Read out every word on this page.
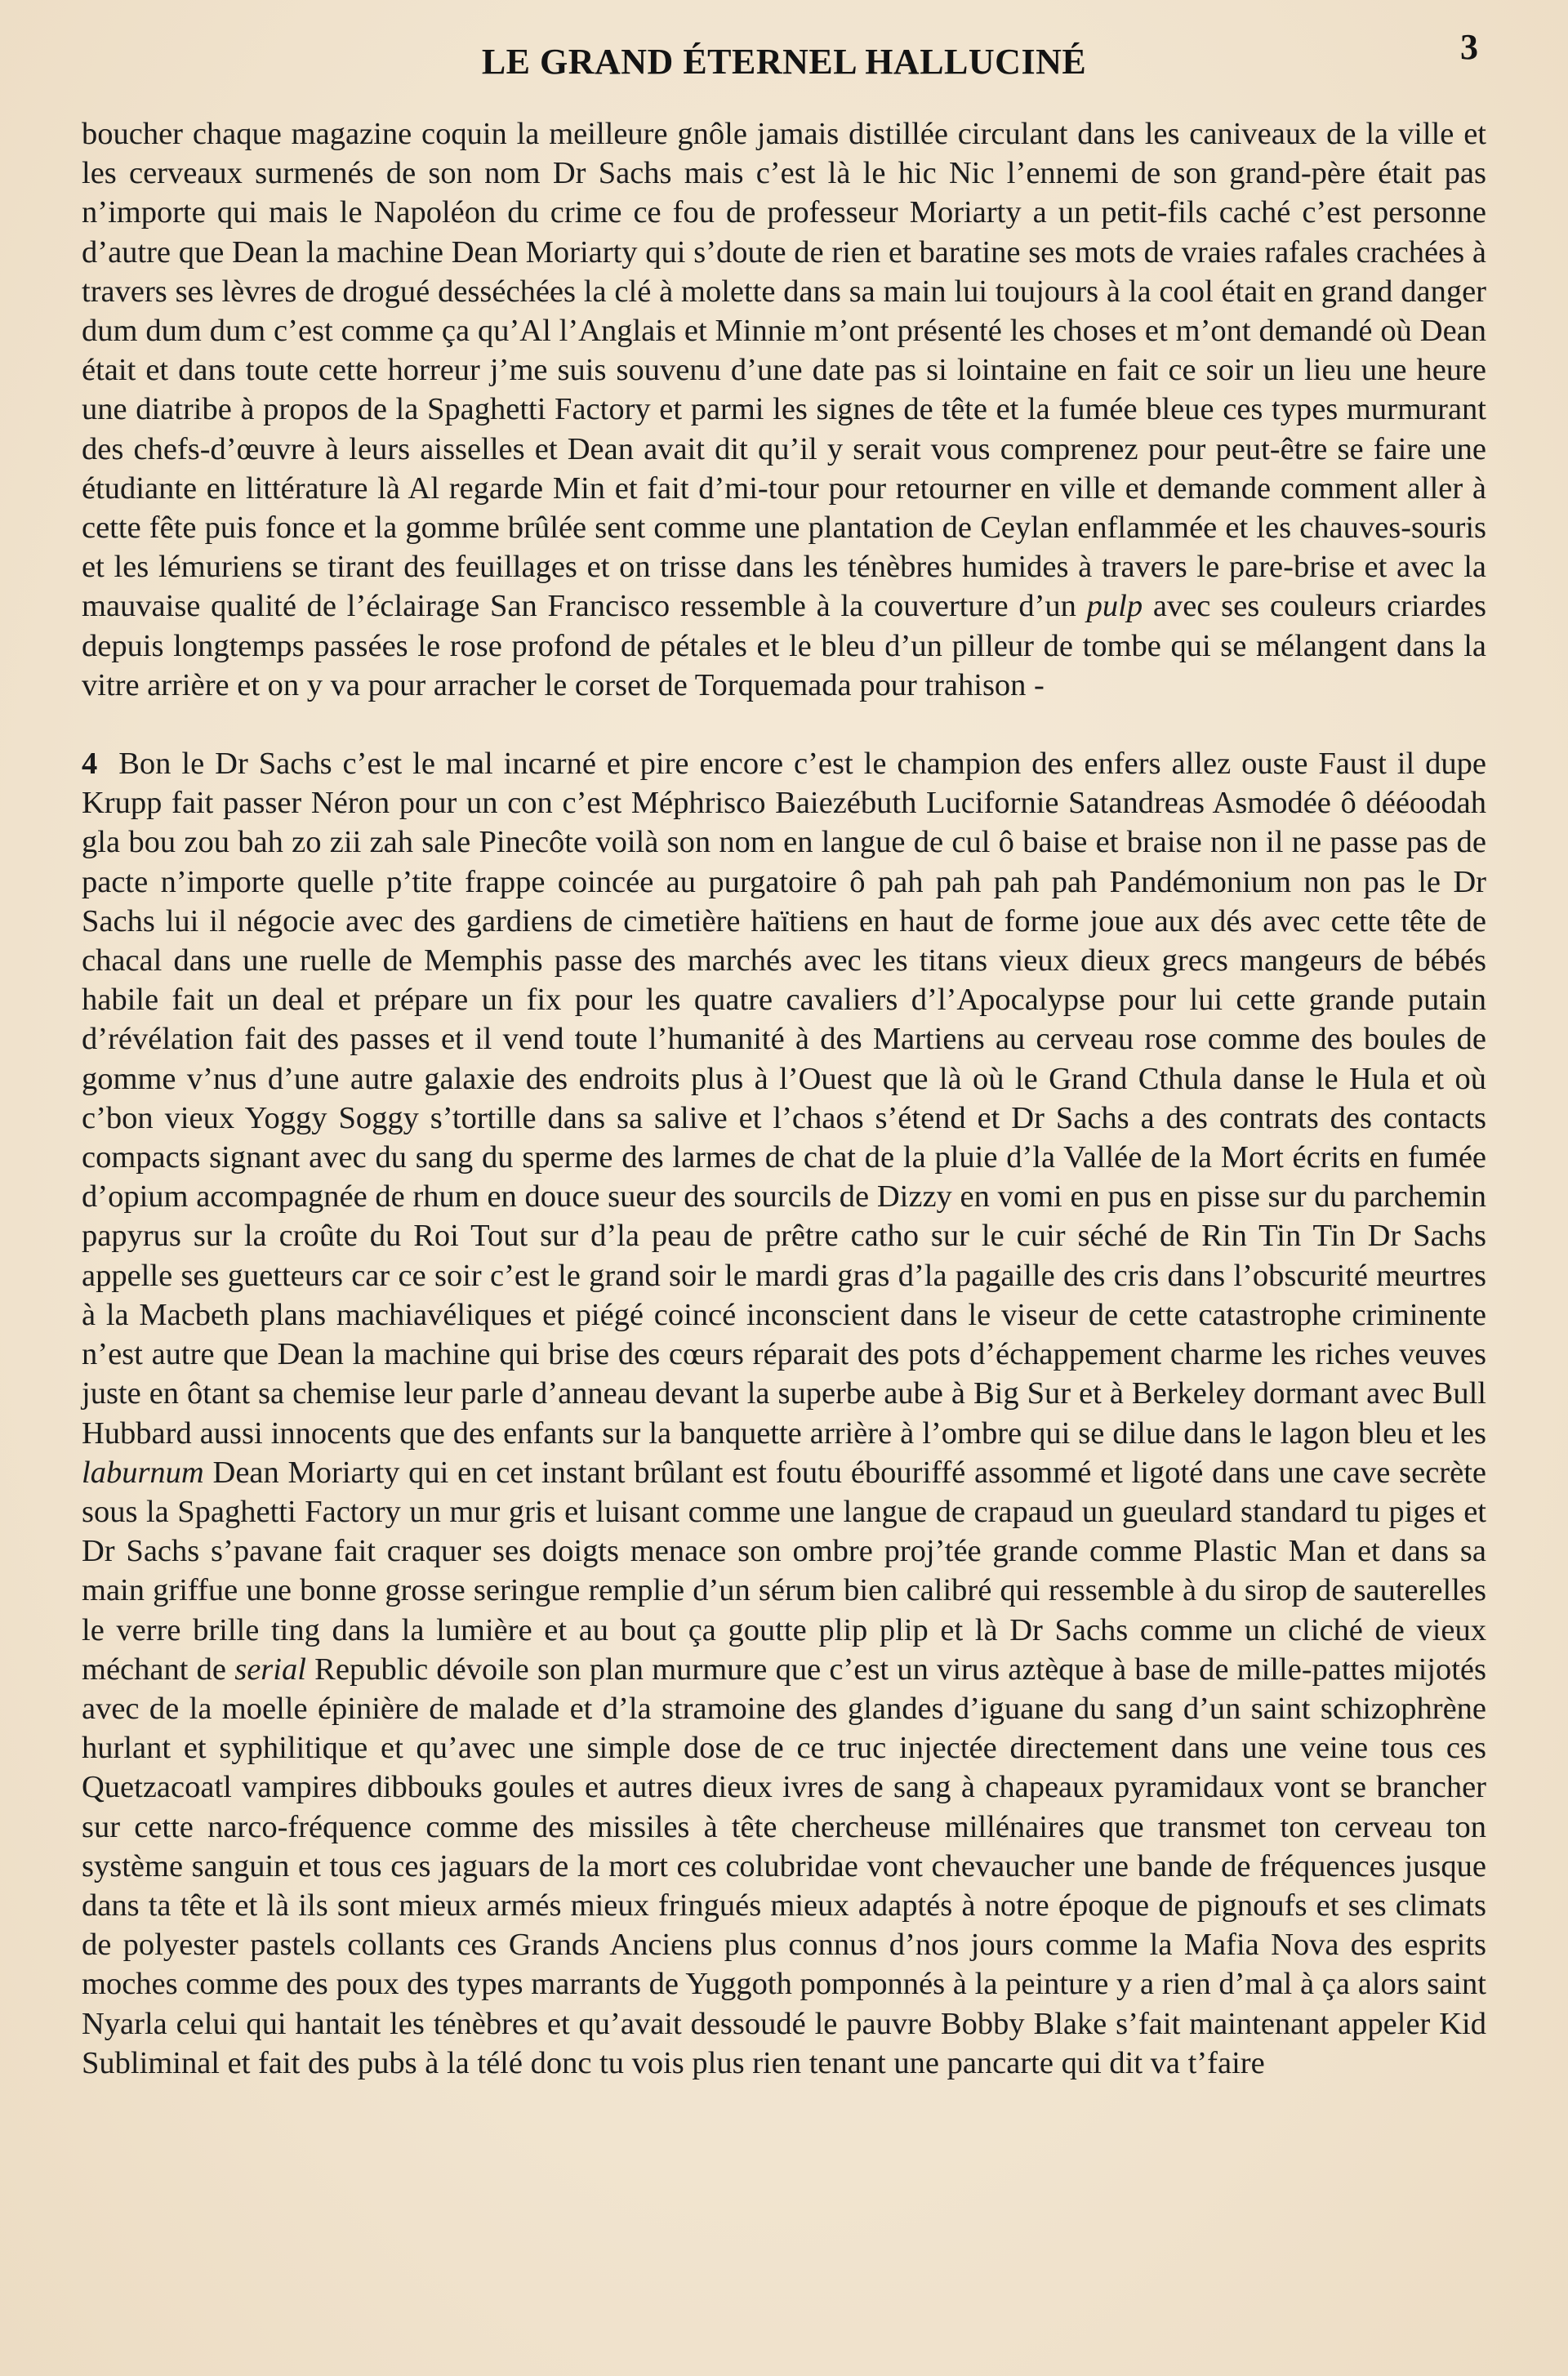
LE GRAND ÉTERNEL HALLUCINÉ	3

boucher chaque magazine coquin la meilleure gnôle jamais distillée circulant dans les caniveaux de la ville et les cerveaux surmenés de son nom Dr Sachs mais c’est là le hic Nic l’ennemi de son grand-père était pas n’importe qui mais le Napoléon du crime ce fou de professeur Moriarty a un petit-fils caché c’est personne d’autre que Dean la machine Dean Moriarty qui s’doute de rien et baratine ses mots de vraies rafales crachées à travers ses lèvres de drogué desséchées la clé à molette dans sa main lui toujours à la cool était en grand danger dum dum dum c’est comme ça qu’Al l’Anglais et Minnie m’ont présenté les choses et m’ont demandé où Dean était et dans toute cette horreur j’me suis souvenu d’une date pas si lointaine en fait ce soir un lieu une heure une diatribe à propos de la Spaghetti Factory et parmi les signes de tête et la fumée bleue ces types murmurant des chefs-d’œuvre à leurs aisselles et Dean avait dit qu’il y serait vous comprenez pour peut-être se faire une étudiante en littérature là Al regarde Min et fait d’mi-tour pour retourner en ville et demande comment aller à cette fête puis fonce et la gomme brûlée sent comme une plantation de Ceylan enflammée et les chauves-souris et les lémuriens se tirant des feuillages et on trisse dans les ténèbres humides à travers le pare-brise et avec la mauvaise qualité de l’éclairage San Francisco ressemble à la couverture d’un pulp avec ses couleurs criardes depuis longtemps passées le rose profond de pétales et le bleu d’un pilleur de tombe qui se mélangent dans la vitre arrière et on y va pour arracher le corset de Torquemada pour trahison -

4 Bon le Dr Sachs c’est le mal incarné et pire encore c’est le champion des enfers allez ouste Faust il dupe Krupp fait passer Néron pour un con c’est Méphrisco Baiezébuth Lucifornie Satandreas Asmodée ô dééoodah gla bou zou bah zo zii zah sale Pinecôte voilà son nom en langue de cul ô baise et braise non il ne passe pas de pacte n’importe quelle p’tite frappe coincée au purgatoire ô pah pah pah pah Pandémonium non pas le Dr Sachs lui il négocie avec des gardiens de cimetière haïtiens en haut de forme joue aux dés avec cette tête de chacal dans une ruelle de Memphis passe des marchés avec les titans vieux dieux grecs mangeurs de bébés habile fait un deal et prépare un fix pour les quatre cavaliers d’l’Apocalypse pour lui cette grande putain d’révélation fait des passes et il vend toute l’humanité à des Martiens au cerveau rose comme des boules de gomme v’nus d’une autre galaxie des endroits plus à l’Ouest que là où le Grand Cthula danse le Hula et où c’bon vieux Yoggy Soggy s’tortille dans sa salive et l’chaos s’étend et Dr Sachs a des contrats des contacts compacts signant avec du sang du sperme des larmes de chat de la pluie d’la Vallée de la Mort écrits en fumée d’opium accompagnée de rhum en douce sueur des sourcils de Dizzy en vomi en pus en pisse sur du parchemin papyrus sur la croûte du Roi Tout sur d’la peau de prêtre catho sur le cuir séché de Rin Tin Tin Dr Sachs appelle ses guetteurs car ce soir c’est le grand soir le mardi gras d’la pagaille des cris dans l’obscurité meurtres à la Macbeth plans machiavéliques et piégé coincé inconscient dans le viseur de cette catastrophe criminente n’est autre que Dean la machine qui brise des cœurs réparait des pots d’échappement charme les riches veuves juste en ôtant sa chemise leur parle d’anneau devant la superbe aube à Big Sur et à Berkeley dormant avec Bull Hubbard aussi innocents que des enfants sur la banquette arrière à l’ombre qui se dilue dans le lagon bleu et les laburnum Dean Moriarty qui en cet instant brûlant est foutu ébouriffé assommé et ligoté dans une cave secrète sous la Spaghetti Factory un mur gris et luisant comme une langue de crapaud un gueulard standard tu piges et Dr Sachs s’pavane fait craquer ses doigts menace son ombre proj’tée grande comme Plastic Man et dans sa main griffue une bonne grosse seringue remplie d’un sérum bien calibré qui ressemble à du sirop de sauterelles le verre brille ting dans la lumière et au bout ça goutte plip plip et là Dr Sachs comme un cliché de vieux méchant de serial Republic dévoile son plan murmure que c’est un virus aztèque à base de mille-pattes mijotés avec de la moelle épinière de malade et d’la stramoine des glandes d’iguane du sang d’un saint schizophrène hurlant et syphilitique et qu’avec une simple dose de ce truc injectée directement dans une veine tous ces Quetzacoatl vampires dibbouks goules et autres dieux ivres de sang à chapeaux pyramidaux vont se brancher sur cette narco-fréquence comme des missiles à tête chercheuse millénaires que transmet ton cerveau ton système sanguin et tous ces jaguars de la mort ces colubridae vont chevaucher une bande de fréquences jusque dans ta tête et là ils sont mieux armés mieux fringués mieux adaptés à notre époque de pignoufs et ses climats de polyester pastels collants ces Grands Anciens plus connus d’nos jours comme la Mafia Nova des esprits moches comme des poux des types marrants de Yuggoth pomponnés à la peinture y a rien d’mal à ça alors saint Nyarla celui qui hantait les ténèbres et qu’avait dessoudé le pauvre Bobby Blake s’fait maintenant appeler Kid Subliminal et fait des pubs à la télé donc tu vois plus rien tenant une pancarte qui dit va t’faire
